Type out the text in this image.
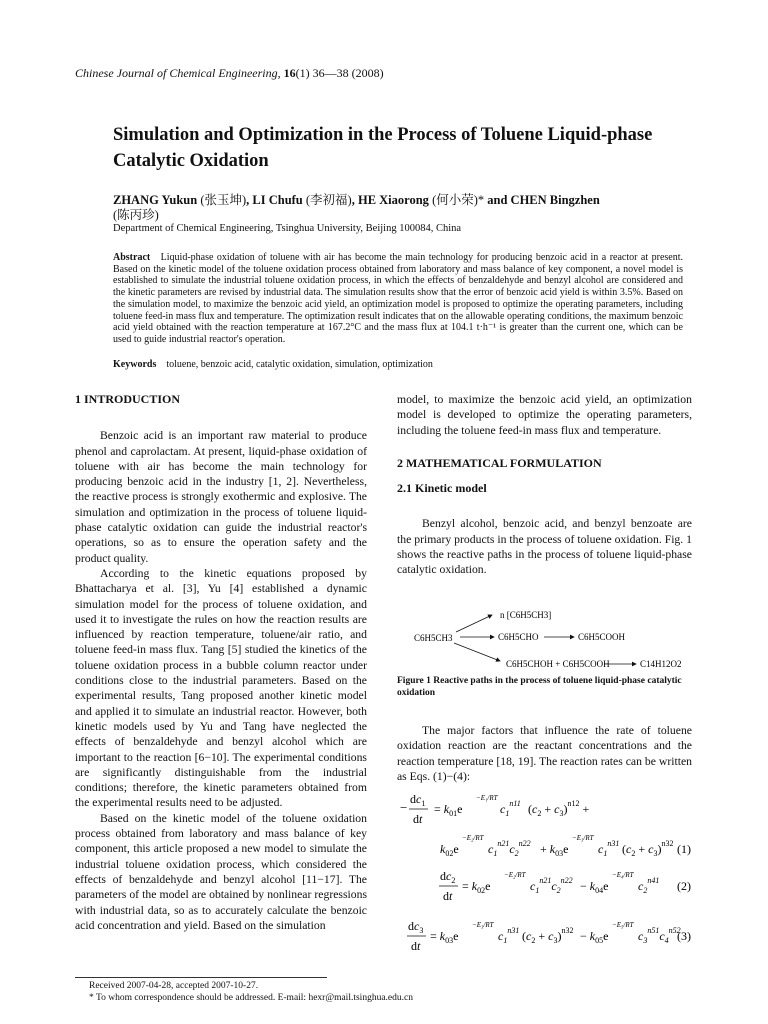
Chinese Journal of Chemical Engineering, 16(1) 36—38 (2008)
Simulation and Optimization in the Process of Toluene Liquid-phase Catalytic Oxidation
ZHANG Yukun (张玉坤), LI Chufu (李初福), HE Xiaorong (何小荣)* and CHEN Bingzhen
(陈丙珍)
Department of Chemical Engineering, Tsinghua University, Beijing 100084, China
Abstract Liquid-phase oxidation of toluene with air has become the main technology for producing benzoic acid in a reactor at present. Based on the kinetic model of the toluene oxidation process obtained from laboratory and mass balance of key component, a novel model is established to simulate the industrial toluene oxidation process, in which the effects of benzaldehyde and benzyl alcohol are considered and the kinetic parameters are revised by industrial data. The simulation results show that the error of benzoic acid yield is within 3.5%. Based on the simulation model, to maximize the benzoic acid yield, an optimization model is proposed to optimize the operating parameters, including toluene feed-in mass flux and temperature. The optimization result indicates that on the allowable operating conditions, the maximum benzoic acid yield obtained with the reaction temperature at 167.2°C and the mass flux at 104.1 t·h⁻¹ is greater than the current one, which can be used to guide industrial reactor's operation.
Keywords toluene, benzoic acid, catalytic oxidation, simulation, optimization
1 INTRODUCTION

Benzoic acid is an important raw material to produce phenol and caprolactam. At present, liquid-phase oxidation of toluene with air has become the main technology for producing benzoic acid in the industry [1, 2]. Nevertheless, the reactive process is strongly exothermic and explosive. The simulation and optimization in the process of toluene liquid-phase catalytic oxidation can guide the industrial reactor's operations, so as to ensure the operation safety and the product quality.

According to the kinetic equations proposed by Bhattacharya et al. [3], Yu [4] established a dynamic simulation model for the process of toluene oxidation, and used it to investigate the rules on how the reaction results are influenced by reaction temperature, toluene/air ratio, and toluene feed-in mass flux. Tang [5] studied the kinetics of the toluene oxidation process in a bubble column reactor under conditions close to the industrial parameters. Based on the experimental results, Tang proposed another kinetic model and applied it to simulate an industrial reactor. However, both kinetic models used by Yu and Tang have neglected the effects of benzaldehyde and benzyl alcohol which are important to the reaction [6−10]. The experimental conditions are significantly distinguishable from the industrial conditions; therefore, the kinetic parameters obtained from the experimental results need to be adjusted.

Based on the kinetic model of the toluene oxidation process obtained from laboratory and mass balance of key component, this article proposed a new model to simulate the industrial toluene oxidation process, which considered the effects of benzaldehyde and benzyl alcohol [11−17]. The parameters of the model are obtained by nonlinear regressions with industrial data, so as to accurately calculate the benzoic acid concentration and yield. Based on the simulation

model, to maximize the benzoic acid yield, an optimization model is developed to optimize the operating parameters, including the toluene feed-in mass flux and temperature.

2 MATHEMATICAL FORMULATION
2.1 Kinetic model

Benzyl alcohol, benzoic acid, and benzyl benzoate are the primary products in the process of toluene oxidation. Fig. 1 shows the reactive paths in the process of toluene liquid-phase catalytic oxidation.

n [C6H5CH3]
C6H5CH3	C6H5CHO	C6H5COOH
C6H5CHOH + C6H5COOH	C14H12O2
Figure 1 Reactive paths in the process of toluene liquid-phase catalytic oxidation

The major factors that influence the rate of toluene oxidation reaction are the reactant concentrations and the reaction temperature [18, 19]. The reaction rates can be written as Eqs. (1)−(4):

−
$dc_1$
dt
= $k_{01}e$
−E₁/RT
$c_1^{n11}$ $(c_2 + c_3)^{n12}$ +
$k_{02}e$
−E₂/RT
$c_1^{n21}c_2^{n22} + k_{03}e$
−E₃/RT
$c_1^{n31}$ $(c_2 + c_3)^{n32}$ (1)
$dc_2$
dt
= $k_{02}e$
−E₂/RT
$c_1^{n21}c_2^{n22} - k_{04}e$
−E₄/RT
$c_2^{n41}$ (2)
$dc_3$
dt
= $k_{03}e$
−E₃/RT
$c_1^{n31}$ $(c_2 + c_3)^{n32} - k_{05}e$
−E₅/RT
$c_3^{n51}c_4^{n52}$
(3)
Received 2007-04-28, accepted 2007-10-27.
* To whom correspondence should be addressed. E-mail: hexr@mail.tsinghua.edu.cn
